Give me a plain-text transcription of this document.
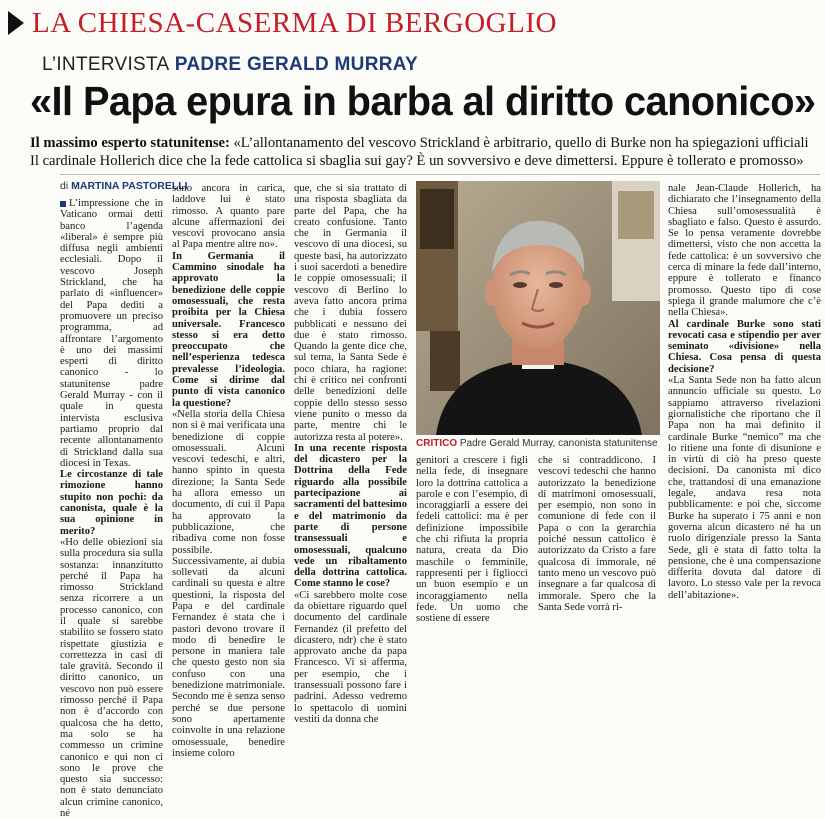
LA CHIESA-CASERMA DI BERGOGLIO
L’INTERVISTA PADRE GERALD MURRAY
«Il Papa epura in barba al diritto canonico»

Il massimo esperto statunitense: «L’allontanamento del vescovo Strickland è arbitrario, quello di Burke non ha spiegazioni ufficiali

Il cardinale Hollerich dice che la fede cattolica si sbaglia sui gay? È un sovversivo e deve dimettersi. Eppure è tollerato e promosso»

di MARTINA PASTORELLI

L’impressione che in Vaticano ormai detti banco l’agenda «liberal» è sempre più diffusa negli ambienti ecclesiali. Dopo il vescovo Joseph Strickland, che ha parlato di «influencer» del Papa dediti a promuovere un preciso programma, ad affrontare l’argomento è uno dei massimi esperti di diritto canonico - lo statunitense padre Gerald Murray - con il quale in questa intervista esclusiva partiamo proprio dal recente allontanamento di Strickland dalla sua diocesi in Texas.

Le circostanze di tale rimozione hanno stupito non pochi: da canonista, quale è la sua opinione in merito?

«Ho delle obiezioni sia sulla procedura sia sulla sostanza: innanzitutto perché il Papa ha rimosso Strickland senza ricorrere a un processo canonico, con il quale si sarebbe stabilito se fossero stato rispettate giustizia e correttezza in casi di tale gravità. Secondo il diritto canonico, un vescovo non può essere rimosso perché il Papa non è d’accordo con qualcosa che ha detto, ma solo se ha commesso un crimine canonico e qui non ci sono le prove che questo sia successo: non è stato denunciato alcun crimine canonico, né

sono ancora in carica, laddove lui è stato rimosso. A quanto pare alcune affermazioni dei vescovi provocano ansia al Papa mentre altre no».

In Germania il Cammino sinodale ha approvato la benedizione delle coppie omosessuali, che resta proibita per la Chiesa universale. Francesco stesso si era detto preoccupato che nell’esperienza tedesca prevalesse l’ideologia. Come si dirime dal punto di vista canonico la questione?

«Nella storia della Chiesa non si è mai verificata una benedizione di coppie omosessuali. Alcuni vescovi tedeschi, e altri, hanno spinto in questa direzione; la Santa Sede ha allora emesso un documento, di cui il Papa ha approvato la pubblicazione, che ribadiva come non fosse possibile. Successivamente, ai dubia sollevati da alcuni cardinali su questa e altre questioni, la risposta del Papa e del cardinale Fernandez è stata che i pastori devono trovare il modo di benedire le persone in maniera tale che questo gesto non sia confuso con una benedizione matrimoniale. Secondo me è senza senso perché se due persone sono apertamente coinvolte in una relazione omosessuale, benedire insieme coloro

que, che si sia trattato di una risposta sbagliata da parte del Papa, che ha creato confusione. Tanto che in Germania il vescovo di una diocesi, su queste basi, ha autorizzato i suoi sacerdoti a benedire le coppie omosessuali; il vescovo di Berlino lo aveva fatto ancora prima che i dubia fossero pubblicati e nessuno dei due è stato rimosso. Quando la gente dice che, sul tema, la Santa Sede è poco chiara, ha ragione: chi è critico nei confronti delle benedizioni delle coppie dello stesso sesso viene punito o messo da parte, mentre chi le autorizza resta al potere».

In una recente risposta del dicastero per la Dottrina della Fede riguardo alla possibile partecipazione ai sacramenti del battesimo e del matrimonio da parte di persone transessuali e omosessuali, qualcuno vede un ribaltamento della dottrina cattolica. Come stanno le cose?

«Ci sarebbero molte cose da obiettare riguardo quel documento del cardinale Fernandez (il prefetto del dicastero, ndr) che è stato approvato anche da papa Francesco. Vi si afferma, per esempio, che i transessuali possono fare i padrini. Adesso vedremo lo spettacolo di uomini vestiti da donna che

CRITICO Padre Gerald Murray, canonista statunitense

genitori a crescere i figli nella fede, di insegnare loro la dottrina cattolica a parole e con l’esempio, di incoraggiarli a essere dei fedeli cattolici: ma è per definizione impossibile che chi rifiuta la propria natura, creata da Dio maschile o femminile, rappresenti per i figlioccì un buon esempio e un incoraggiamento nella fede. Un uomo che sostiene di essere

che si contraddicono. I vescovi tedeschi che hanno autorizzato la benedizione di matrimoni omosessuali, per esempio, non sono in comunione di fede con il Papa o con la gerarchia poiché nessun cattolico è autorizzato da Cristo a fare qualcosa di immorale, né tanto meno un vescovo può insegnare a far qualcosa di immorale. Spero che la Santa Sede vorrà ri-

nale Jean-Claude Hollerich, ha dichiarato che l’insegnamento della Chiesa sull’omosessualità è sbagliato e falso. Questo è assurdo. Se lo pensa veramente dovrebbe dimettersi, visto che non accetta la fede cattolica: è un sovversivo che cerca di minare la fede dall’interno, eppure è tollerato e financo promosso. Questo tipo di cose spiega il grande malumore che c’è nella Chiesa».

Al cardinale Burke sono stati revocati casa e stipendio per aver seminato «divisione» nella Chiesa. Cosa pensa di questa decisione?

«La Santa Sede non ha fatto alcun annuncio ufficiale su questo. Lo sappiamo attraverso rivelazioni giornalistiche che riportano che il Papa non ha mai definito il cardinale Burke “nemico” ma che lo ritiene una fonte di disunione e in virtù di ciò ha preso queste decisioni. Da canonista mi dico che, trattandosi di una emanazione legale, andava resa nota pubblicamente: e poi che, siccome Burke ha superato i 75 anni e non governa alcun dicastero né ha un ruolo dirigenziale presso la Santa Sede, gli è stata di fatto tolta la pensione, che è una compensazione differita dovuta dal datore di lavoro. Lo stesso vale per la revoca dell’abitazione».
